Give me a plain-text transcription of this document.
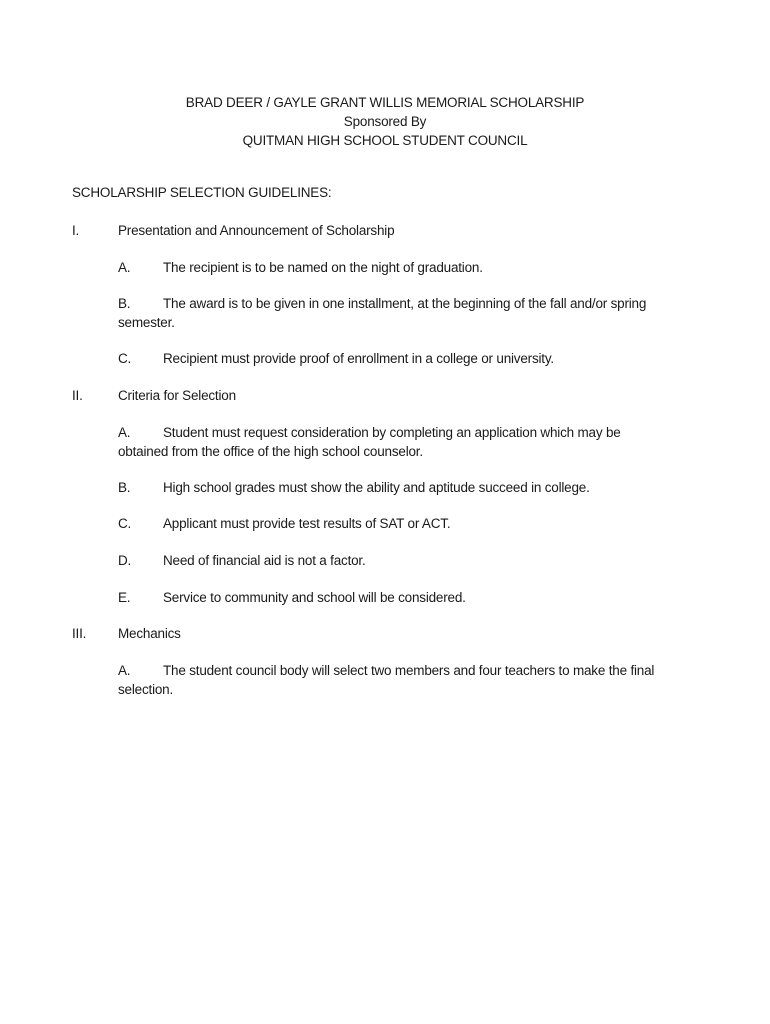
BRAD DEER / GAYLE GRANT WILLIS MEMORIAL SCHOLARSHIP
Sponsored By
QUITMAN HIGH SCHOOL STUDENT COUNCIL
SCHOLARSHIP SELECTION GUIDELINES:
I.	Presentation and Announcement of Scholarship
A. The recipient is to be named on the night of graduation.
B. The award is to be given in one installment, at the beginning of the fall and/or spring
semester.
C. Recipient must provide proof of enrollment in a college or university.
II.	Criteria for Selection
A. Student must request consideration by completing an application which may be
obtained from the office of the high school counselor.
B. High school grades must show the ability and aptitude succeed in college.
C. Applicant must provide test results of SAT or ACT.
D. Need of financial aid is not a factor.
E. Service to community and school will be considered.
III. Mechanics
A. The student council body will select two members and four teachers to make the final
selection.
